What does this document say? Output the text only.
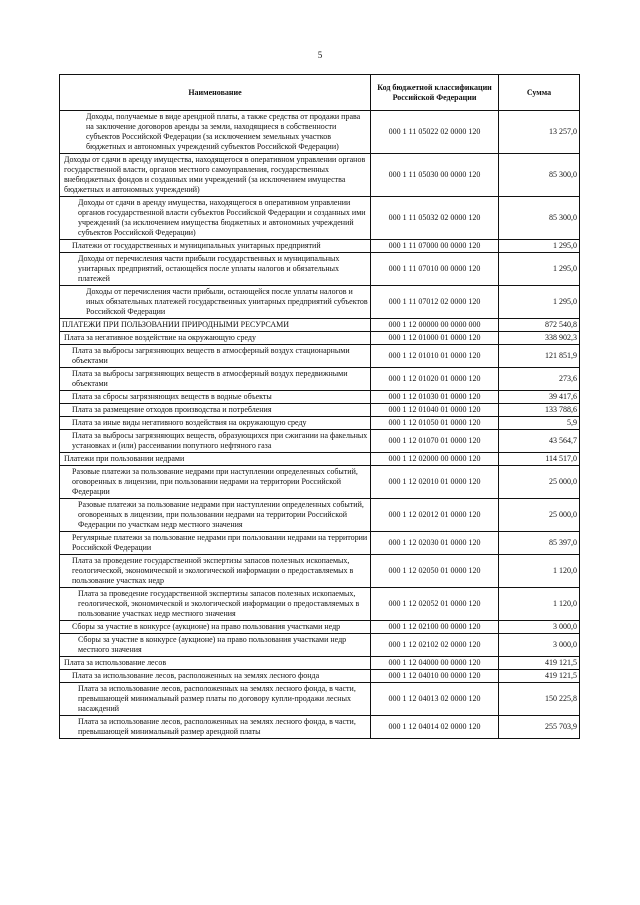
5
Наименование	Код бюджетной классификации Российской Федерации	Сумма
Доходы, получаемые в виде арендной платы, а также средства от продажи права на заключение договоров аренды за земли, находящиеся в собственности субъектов Российской Федерации (за исключением земельных участков бюджетных и автономных учреждений субъектов Российской Федерации)	000 1 11 05022 02 0000 120	13 257,0
Доходы от сдачи в аренду имущества, находящегося в оперативном управлении органов государственной власти, органов местного самоуправления, государственных внебюджетных фондов и созданных ими учреждений (за исключением имущества бюджетных и автономных учреждений)	000 1 11 05030 00 0000 120	85 300,0
Доходы от сдачи в аренду имущества, находящегося в оперативном управлении органов государственной власти субъектов Российской Федерации и созданных ими учреждений (за исключением имущества бюджетных и автономных учреждений субъектов Российской Федерации)	000 1 11 05032 02 0000 120	85 300,0
Платежи от государственных и муниципальных унитарных предприятий	000 1 11 07000 00 0000 120	1 295,0
Доходы от перечисления части прибыли государственных и муниципальных унитарных предприятий, остающейся после уплаты налогов и обязательных платежей	000 1 11 07010 00 0000 120	1 295,0
Доходы от перечисления части прибыли, остающейся после уплаты налогов и иных обязательных платежей государственных унитарных предприятий субъектов Российской Федерации	000 1 11 07012 02 0000 120	1 295,0
ПЛАТЕЖИ ПРИ ПОЛЬЗОВАНИИ ПРИРОДНЫМИ РЕСУРСАМИ	000 1 12 00000 00 0000 000	872 540,8
Плата за негативное воздействие на окружающую среду	000 1 12 01000 01 0000 120	338 902,3
Плата за выбросы загрязняющих веществ в атмосферный воздух стационарными объектами	000 1 12 01010 01 0000 120	121 851,9
Плата за выбросы загрязняющих веществ в атмосферный воздух передвижными объектами	000 1 12 01020 01 0000 120	273,6
Плата за сбросы загрязняющих веществ в водные объекты	000 1 12 01030 01 0000 120	39 417,6
Плата за размещение отходов производства и потребления	000 1 12 01040 01 0000 120	133 788,6
Плата за иные виды негативного воздействия на окружающую среду	000 1 12 01050 01 0000 120	5,9
Плата за выбросы загрязняющих веществ, образующихся при сжигании на факельных установках и (или) рассеивании попутного нефтяного газа	000 1 12 01070 01 0000 120	43 564,7
Платежи при пользовании недрами	000 1 12 02000 00 0000 120	114 517,0
Разовые платежи за пользование недрами при наступлении определенных событий, оговоренных в лицензии, при пользовании недрами на территории Российской Федерации	000 1 12 02010 01 0000 120	25 000,0
Разовые платежи за пользование недрами при наступлении определенных событий, оговоренных в лицензии, при пользовании недрами на территории Российской Федерации по участкам недр местного значения	000 1 12 02012 01 0000 120	25 000,0
Регулярные платежи за пользование недрами при пользовании недрами на территории Российской Федерации	000 1 12 02030 01 0000 120	85 397,0
Плата за проведение государственной экспертизы запасов полезных ископаемых, геологической, экономической и экологической информации о предоставляемых в пользование участках недр	000 1 12 02050 01 0000 120	1 120,0
Плата за проведение государственной экспертизы запасов полезных ископаемых, геологической, экономической и экологической информации о предоставляемых в пользование участках недр местного значения	000 1 12 02052 01 0000 120	1 120,0
Сборы за участие в конкурсе (аукционе) на право пользования участками недр	000 1 12 02100 00 0000 120	3 000,0
Сборы за участие в конкурсе (аукционе) на право пользования участками недр местного значения	000 1 12 02102 02 0000 120	3 000,0
Плата за использование лесов	000 1 12 04000 00 0000 120	419 121,5
Плата за использование лесов, расположенных на землях лесного фонда	000 1 12 04010 00 0000 120	419 121,5
Плата за использование лесов, расположенных на землях лесного фонда, в части, превышающей минимальный размер платы по договору купли-продажи лесных насаждений	000 1 12 04013 02 0000 120	150 225,8
Плата за использование лесов, расположенных на землях лесного фонда, в части, превышающей минимальный размер арендной платы	000 1 12 04014 02 0000 120	255 703,9
